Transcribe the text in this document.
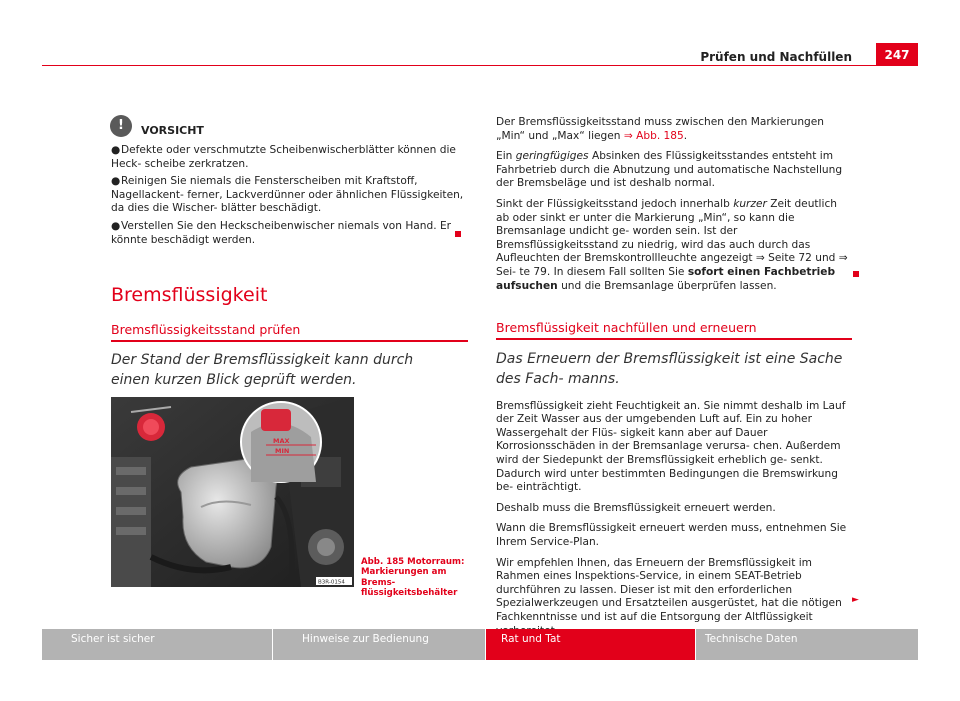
Prüfen und Nachfüllen	247
!	VORSICHT
●Defekte oder verschmutzte Scheibenwischerblätter können die Heck- scheibe zerkratzen.
●Reinigen Sie niemals die Fensterscheiben mit Kraftstoff, Nagellackent- ferner, Lackverdünner oder ähnlichen Flüssigkeiten, da dies die Wischer- blätter beschädigt.
●Verstellen Sie den Heckscheibenwischer niemals von Hand. Er könnte beschädigt werden.
Bremsflüssigkeit
Bremsflüssigkeitsstand prüfen
Der Stand der Bremsflüssigkeit kann durch einen kurzen Blick geprüft werden.
MAX
MIN
B3R-0154
Abb. 185 Motorraum: Markierungen am Brems- flüssigkeitsbehälter
Der Bremsflüssigkeitsstand muss zwischen den Markierungen „Min“ und „Max“ liegen ⇒ Abb. 185.
Ein geringfügiges Absinken des Flüssigkeitsstandes entsteht im Fahrbetrieb durch die Abnutzung und automatische Nachstellung der Bremsbeläge und ist deshalb normal.
Sinkt der Flüssigkeitsstand jedoch innerhalb kurzer Zeit deutlich ab oder sinkt er unter die Markierung „Min“, so kann die Bremsanlage undicht ge- worden sein. Ist der Bremsflüssigkeitsstand zu niedrig, wird das auch durch das Aufleuchten der Bremskontrollleuchte angezeigt ⇒ Seite 72 und ⇒ Sei- te 79. In diesem Fall sollten Sie sofort einen Fachbetrieb aufsuchen und die Bremsanlage überprüfen lassen.
Bremsflüssigkeit nachfüllen und erneuern
Das Erneuern der Bremsflüssigkeit ist eine Sache des Fach- manns.
Bremsflüssigkeit zieht Feuchtigkeit an. Sie nimmt deshalb im Lauf der Zeit Wasser aus der umgebenden Luft auf. Ein zu hoher Wassergehalt der Flüs- sigkeit kann aber auf Dauer Korrosionsschäden in der Bremsanlage verursa- chen. Außerdem wird der Siedepunkt der Bremsflüssigkeit erheblich ge- senkt. Dadurch wird unter bestimmten Bedingungen die Bremswirkung be- einträchtigt.
Deshalb muss die Bremsflüssigkeit erneuert werden.
Wann die Bremsflüssigkeit erneuert werden muss, entnehmen Sie Ihrem Service-Plan.
Wir empfehlen Ihnen, das Erneuern der Bremsflüssigkeit im Rahmen eines Inspektions-Service, in einem SEAT-Betrieb durchführen zu lassen. Dieser ist mit den erforderlichen Spezialwerkzeugen und Ersatzteilen ausgerüstet, hat die nötigen Fachkenntnisse und ist auf die Entsorgung der Altflüssigkeit
►
Sicher ist sicher	Hinweise zur Bedienung	Rat und Tat	Technische Daten
